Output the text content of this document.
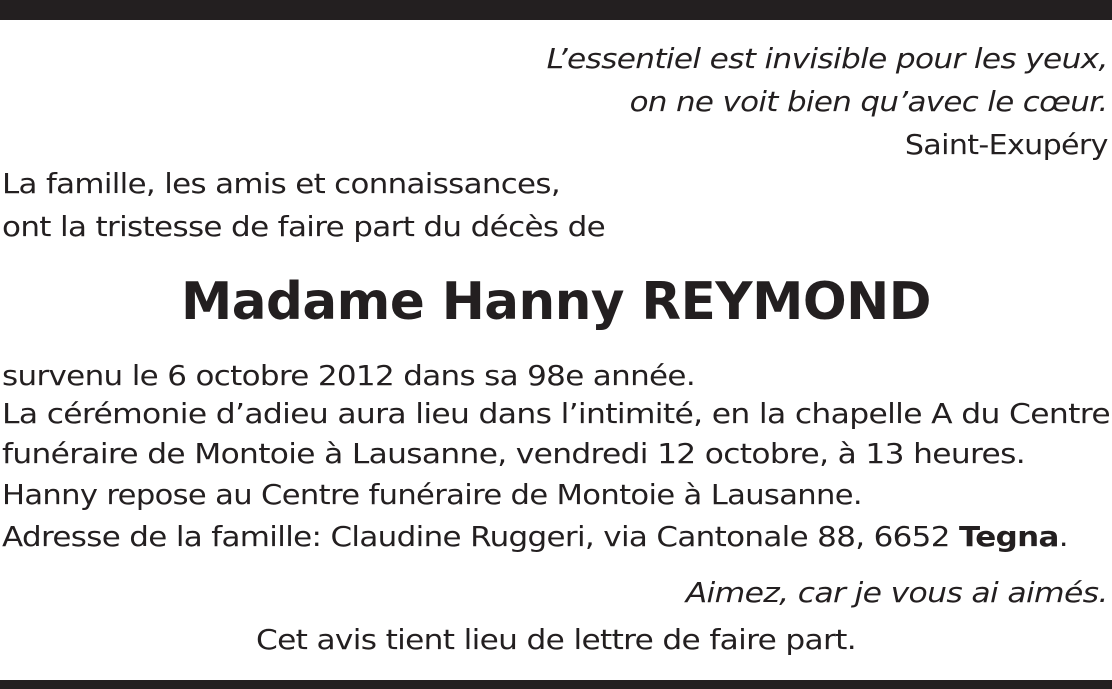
L’essentiel est invisible pour les yeux,
on ne voit bien qu’avec le cœur.
Saint-Exupéry
La famille, les amis et connaissances,
ont la tristesse de faire part du décès de
Madame Hanny REYMOND
survenu le 6 octobre 2012 dans sa 98e année.
La cérémonie d’adieu aura lieu dans l’intimité, en la chapelle A du Centre
funéraire de Montoie à Lausanne, vendredi 12 octobre, à 13 heures.
Hanny repose au Centre funéraire de Montoie à Lausanne.
Adresse de la famille: Claudine Ruggeri, via Cantonale 88, 6652 Tegna.
Aimez, car je vous ai aimés.
Cet avis tient lieu de lettre de faire part.
